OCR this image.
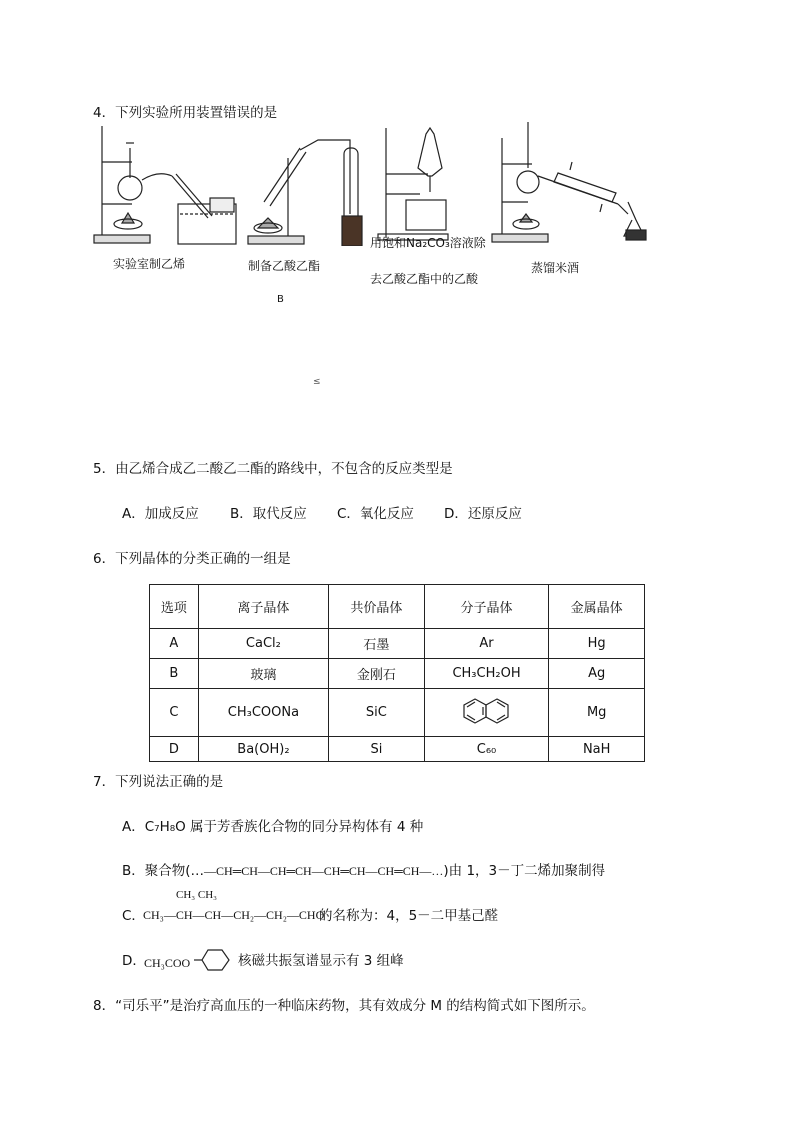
4．下列实验所用装置错误的是
实验室制乙烯	制备乙酸乙酯
用饱和Na₂CO₃溶液除
去乙酸乙酯中的乙酸
蒸馏米酒
B
≤
5．由乙烯合成乙二酸乙二酯的路线中，不包含的反应类型是
A．加成反应 B．取代反应 C．氧化反应 D．还原反应
6．下列晶体的分类正确的一组是
选项	离子晶体	共价晶体	分子晶体	金属晶体
A	CaCl₂	石墨	Ar	Hg
B	玻璃	金刚石	CH₃CH₂OH	Ag
C	CH₃COONa	SiC		Mg
D	Ba(OH)₂	Si	C₆₀	NaH
7．下列说法正确的是
A．C₇H₈O 属于芳香族化合物的同分异构体有 4 种
B．聚合物(…—CH═CH—CH═CH—CH═CH—CH═CH—…)由 1，3－丁二烯加聚制得
C．
CH₃ CH₃
CH₃—CH—CH—CH₂—CH₂—CHO
的名称为：4，5－二甲基己醛
D．
CH₃COO	核磁共振氢谱显示有 3 组峰
8．“司乐平”是治疗高血压的一种临床药物，其有效成分 M 的结构简式如下图所示。
